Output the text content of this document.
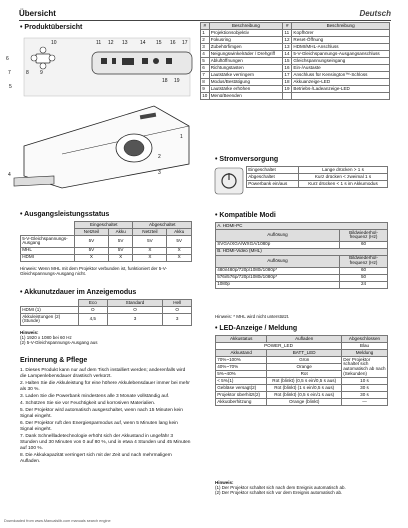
Übersicht	Deutsch
• Produktübersicht
10	11 12 13 14 15 16 17
6
7	8 9
5
18 19
2
3
4
1
#	Beschreibung	#	Beschreibung
1	Projektionsobjektiv	11	Kopfhörer
2	Fokusring	12	Reset-Öffnung
3	Zubehörfimgen	13	HDMI/MHL-Anschluss
4	Neigungswinkelräder / Drehgriff	14	5-V-Gleichspannungs-Ausgangsanschluss
5	Abluftöffnungen	15	Gleichspannungseingang
6	Richtungstasten	16	Ein-/Austaste
7	Lautstärke verringern	17	Anschluss für Kensington™-Schloss
8	Modus/Bestätigung	18	Akkuanzeige-LED
9	Lautstärke erhöhen	19	Betriebs-/Ladeanzeige-LED
10	Menü/Beenden		
• Stromversorgung
Eingeschaltet	Lange drücken > 1 s
Abgeschaltet	Kurz drücken < zweimal 1 s
Powerbank ein/aus	Kurz drücken < 1 s im Akkumodus
• Ausgangsleistungsstatus
	Eingeschaltet		Abgeschaltet	
	Netzteil	Akku	Netzteil	Akku
5-V-Gleichspannungs-Ausgang	5V	5V	5V	5V
MHL	5V	5V	X	X
HDMI	X	X	X	X
Hinweis: Wenn MHL mit dem Projektor verbunden ist, funktioniert der 5-V-Gleichspannungs-Ausgang nicht.
• Akkunutzdauer im Anzeigemodus
	Eco	Standard	Hell
HDMI (1)	O	O	O
Akkuleistungen (2) (Stunde)	4,5	3	3
Hinweis:
(1) 1920 x 1080 bei 60 Hz
(2) 5-V-Gleichspannungs-Ausgang aus
Erinnerung & Pflege

1. Dieses Produkt kann nur auf dem Tisch installiert werden; anderenfalls wird die Lampenlebensdauer drastisch verkürzt.

2. Halten Sie die Akkuleistung für eine höhere Akkulebensdauer immer bei mehr als 30 %.

3. Laden Sie die Powerbank mindestens alle 3 Monate vollständig auf.

4. Schützen Sie sie vor Feuchtigkeit und korrosiven Materialien.

5. Der Projektor wird automatisch ausgeschaltet, wenn nach 15 Minuten kein Signal eingeht.

6. Der Projektor ruft den Energiesparmodus auf, wenn 5 Minuten lang kein Signal eingeht.

7. Dank Schnellladetechnologie erhöht sich der Akkustand in ungefähr 3 Stunden und 30 Minuten von 0 auf 80 %, und in etwa 4 Stunden und 45 Minuten auf 100 %.

8. Die Akkukapazität verringert sich mit der Zeit und nach mehrmaligem Aufladen.

• Kompatible Modi
A. HDMI-PC	
Auflösung	Bildwiederhol-frequenz (Hz)
SVGA/XGA/WXGA/1080p	60
B. HDMI-Video (MHL)	
Auflösung	Bildwiederhol-frequenz (Hz)
480i/480p/720p/1080i/1080p*	60
576i/576p/720p/1080i/1080p*	50
1080p	24
Hinweis: * MHL wird nicht unterstützt.
• LED-Anzeige / Meldung
Akkustatus	Aufladen	Abgeschlossen
POWER_LED		Blau
Akkustand	BATT_LED	Meldung
70%~100%	Grün	Der Projektor schaltet sich automatisch ab nach (Sekunden)
40%~70%	Orange	
5%~40%	Rot	
< 5%(1)	Rot (blinkt) (0,5 s ein/0,5 s aus)	10 s
Gebläse versagt(2)	Rot (blinkt) (1 s ein/0,5 s aus)	30 s
Projektor überhitzt(2)	Rot (blinkt) (0,5 s ein/1 s aus)	30 s
Akkuüberhitzung	Orange (blinkt)	—
Hinweis:
(1) Der Projektor schaltet sich nach dem Ereignis automatisch ab.
(2) Der Projektor schaltet sich vor dem Ereignis automatisch ab.
Downloaded from www.Manualslib.com manuals search engine
